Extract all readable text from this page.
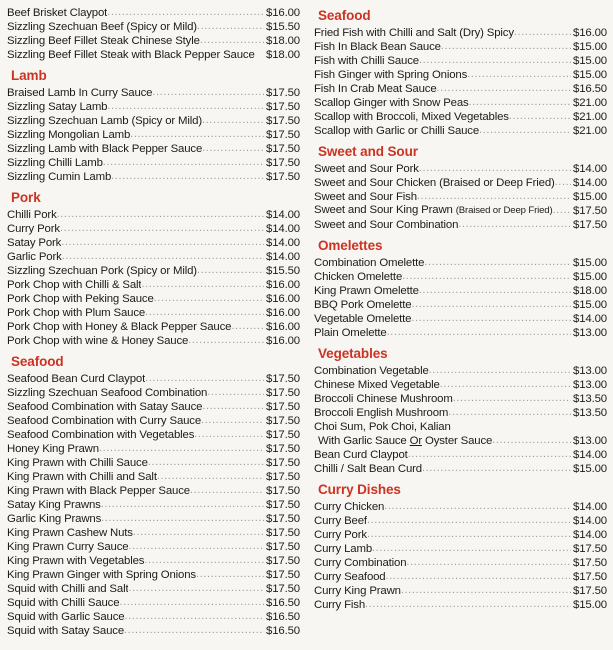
Beef Brisket Claypot .....	$16.00
Sizzling Szechuan Beef (Spicy or Mild) .....	$15.50
Sizzling Beef Fillet Steak Chinese Style .....	$18.00
Sizzling Beef Fillet Steak with Black Pepper Sauce $18.00
Lamb
Braised Lamb In Curry Sauce .....	$17.50
Sizzling Satay Lamb .....	$17.50
Sizzling Szechuan Lamb (Spicy or Mild) .....	$17.50
Sizzling Mongolian Lamb .....	$17.50
Sizzling Lamb with Black Pepper Sauce .....	$17.50
Sizzling Chilli Lamb .....	$17.50
Sizzling Cumin Lamb .....	$17.50
Pork
Chilli Pork .....	$14.00
Curry Pork .....	$14.00
Satay Pork .....	$14.00
Garlic Pork .....	$14.00
Sizzling Szechuan Pork (Spicy or Mild) .....	$15.50
Pork Chop with Chilli & Salt .....	$16.00
Pork Chop with Peking Sauce .....	$16.00
Pork Chop with Plum Sauce .....	$16.00
Pork Chop with Honey & Black Pepper Sauce .....	$16.00
Pork Chop with wine & Honey Sauce .....	$16.00
Seafood
Seafood Bean Curd Claypot .....	$17.50
Sizzling Szechuan Seafood Combination .....	$17.50
Seafood Combination with Satay Sauce .....	$17.50
Seafood Combination with Curry Sauce .....	$17.50
Seafood Combination with Vegetables .....	$17.50
Honey King Prawn .....	$17.50
King Prawn with Chilli Sauce .....	$17.50
King Prawn with Chilli and Salt .....	$17.50
King Prawn with Black Pepper Sauce .....	$17.50
Satay King Prawns .....	$17.50
Garlic King Prawns .....	$17.50
King Prawn Cashew Nuts .....	$17.50
King Prawn Curry Sauce .....	$17.50
King Prawn with Vegetables .....	$17.50
King Prawn Ginger with Spring Onions .....	$17.50
Squid with Chilli and Salt .....	$17.50
Squid with Chilli Sauce .....	$16.50
Squid with Garlic Sauce .....	$16.50
Squid with Satay Sauce .....	$16.50
Seafood
Fried Fish with Chilli and Salt (Dry) Spicy .....	$16.00
Fish In Black Bean Sauce .....	$15.00
Fish with Chilli Sauce .....	$15.00
Fish Ginger with Spring Onions .....	$15.00
Fish In Crab Meat Sauce .....	$16.50
Scallop Ginger with Snow Peas .....	$21.00
Scallop with Broccoli, Mixed Vegetables .....	$21.00
Scallop with Garlic or Chilli Sauce .....	$21.00
Sweet and Sour
Sweet and Sour Pork .....	$14.00
Sweet and Sour Chicken (Braised or Deep Fried) ..... $14.00
Sweet and Sour Fish .....	$15.00
Sweet and Sour King Prawn (Braised or Deep Fried) ..... $17.50
Sweet and Sour Combination .....	$17.50
Omelettes
Combination Omelette .....	$15.00
Chicken Omelette .....	$15.00
King Prawn Omelette .....	$18.00
BBQ Pork Omelette .....	$15.00
Vegetable Omelette .....	$14.00
Plain Omelette .....	$13.00
Vegetables
Combination Vegetable .....	$13.00
Chinese Mixed Vegetable .....	$13.00
Broccoli Chinese Mushroom .....	$13.50
Broccoli English Mushroom .....	$13.50
Choi Sum, Pok Choi, Kalian
With Garlic Sauce Or Oyster Sauce .....	$13.00
Bean Curd Claypot .....	$14.00
Chilli / Salt Bean Curd .....	$15.00
Curry Dishes
Curry Chicken .....	$14.00
Curry Beef .....	$14.00
Curry Pork .....	$14.00
Curry Lamb .....	$17.50
Curry Combination .....	$17.50
Curry Seafood .....	$17.50
Curry King Prawn .....	$17.50
Curry Fish .....	$15.00
